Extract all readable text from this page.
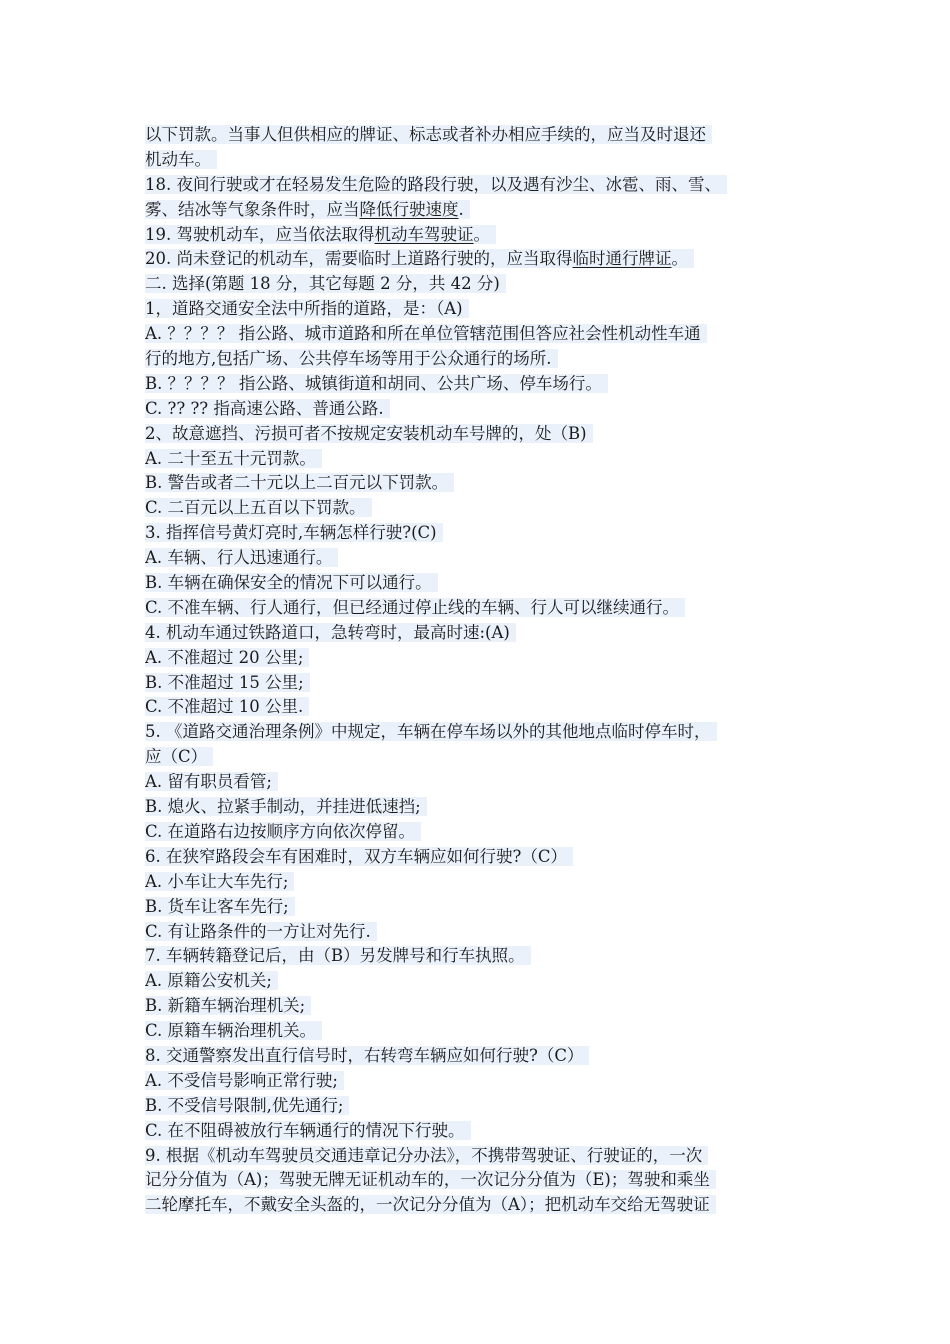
以下罚款。当事人但供相应的牌证、标志或者补办相应手续的，应当及时退还
机动车。
18. 夜间行驶或才在轻易发生危险的路段行驶，以及遇有沙尘、冰雹、雨、雪、
雾、结冰等气象条件时，应当降低行驶速度.
19. 驾驶机动车，应当依法取得机动车驾驶证。
20. 尚未登记的机动车，需要临时上道路行驶的，应当取得临时通行牌证。
二. 选择(第题 18 分，其它每题 2 分，共 42 分)
1，道路交通安全法中所指的道路，是：（A)
A. ？？？？ 指公路、城市道路和所在单位管辖范围但答应社会性机动性车通
行的地方,包括广场、公共停车场等用于公众通行的场所.
B. ？？？？ 指公路、城镇街道和胡同、公共广场、停车场行。
C. ?? ?? 指高速公路、普通公路.
2、故意遮挡、污损可者不按规定安装机动车号牌的，处（B)
A. 二十至五十元罚款。
B. 警告或者二十元以上二百元以下罚款。
C. 二百元以上五百以下罚款。
3. 指挥信号黄灯亮时,车辆怎样行驶?(C)
A. 车辆、行人迅速通行。
B. 车辆在确保安全的情况下可以通行。
C. 不准车辆、行人通行，但已经通过停止线的车辆、行人可以继续通行。
4. 机动车通过铁路道口，急转弯时，最高时速:(A)
A. 不准超过 20 公里;
B. 不准超过 15 公里;
C. 不准超过 10 公里.
5. 《道路交通治理条例》中规定，车辆在停车场以外的其他地点临时停车时，
应（C）
A. 留有职员看管;
B. 熄火、拉紧手制动，并挂进低速挡;
C. 在道路右边按顺序方向依次停留。
6. 在狭窄路段会车有困难时，双方车辆应如何行驶?（C）
A. 小车让大车先行;
B. 货车让客车先行;
C. 有让路条件的一方让对先行.
7. 车辆转籍登记后，由（B）另发牌号和行车执照。
A. 原籍公安机关;
B. 新籍车辆治理机关;
C. 原籍车辆治理机关。
8. 交通警察发出直行信号时，右转弯车辆应如何行驶?（C）
A. 不受信号影响正常行驶;
B. 不受信号限制,优先通行;
C. 在不阻碍被放行车辆通行的情况下行驶。
9. 根据《机动车驾驶员交通违章记分办法》，不携带驾驶证、行驶证的，一次
记分分值为（A)；驾驶无牌无证机动车的，一次记分分值为（E)；驾驶和乘坐
二轮摩托车，不戴安全头盔的，一次记分分值为（A）；把机动车交给无驾驶证
